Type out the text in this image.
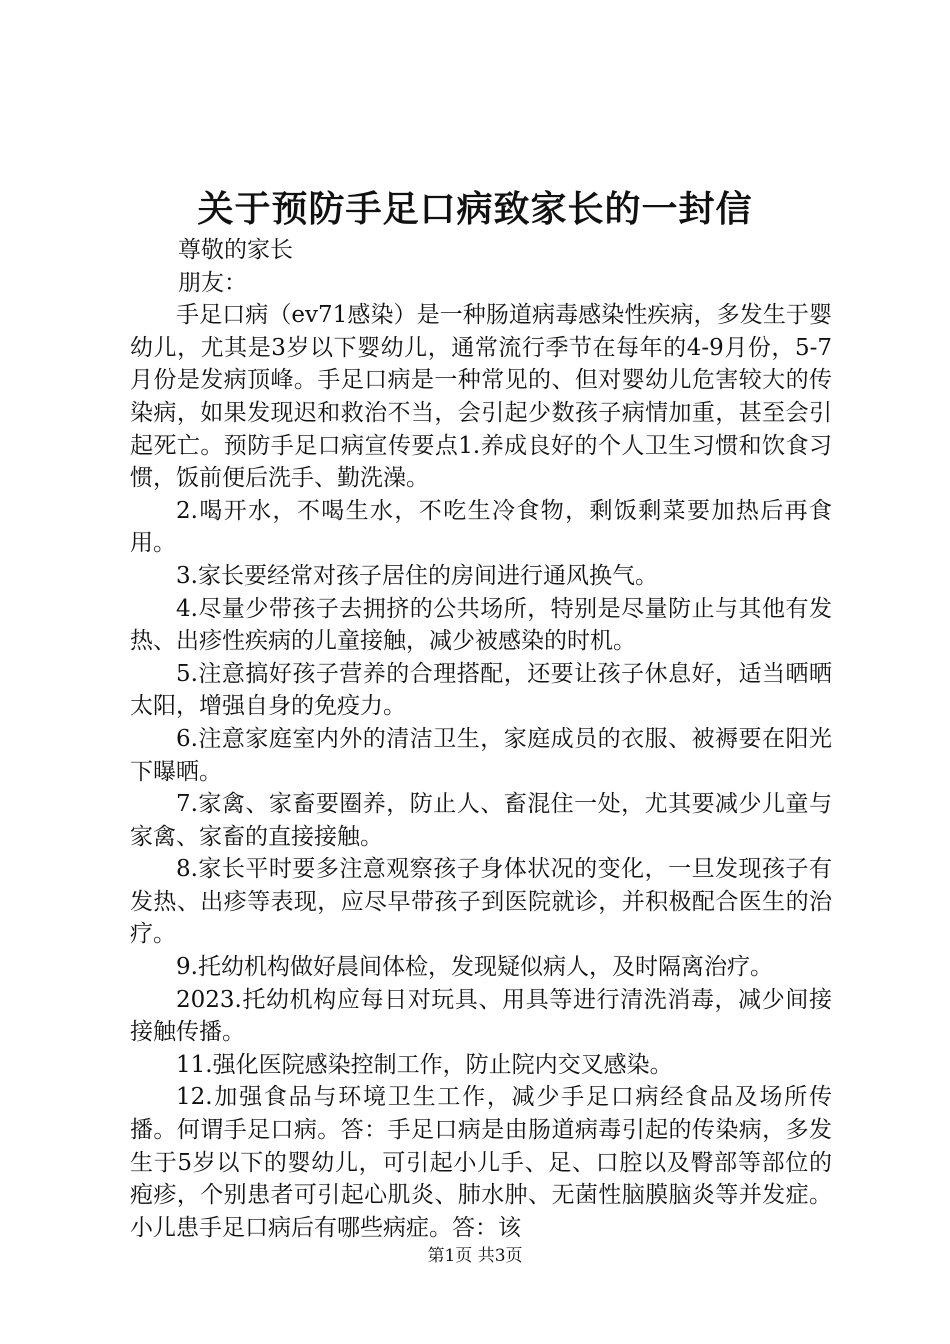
关于预防手足口病致家长的一封信

尊敬的家长

朋友：

手足口病（ev71感染）是一种肠道病毒感染性疾病，多发生于婴幼儿，尤其是3岁以下婴幼儿，通常流行季节在每年的4-9月份，5-7月份是发病顶峰。手足口病是一种常见的、但对婴幼儿危害较大的传染病，如果发现迟和救治不当，会引起少数孩子病情加重，甚至会引起死亡。预防手足口病宣传要点1.养成良好的个人卫生习惯和饮食习惯，饭前便后洗手、勤洗澡。

2.喝开水，不喝生水，不吃生冷食物，剩饭剩菜要加热后再食用。

3.家长要经常对孩子居住的房间进行通风换气。

4.尽量少带孩子去拥挤的公共场所，特别是尽量防止与其他有发热、出疹性疾病的儿童接触，减少被感染的时机。

5.注意搞好孩子营养的合理搭配，还要让孩子休息好，适当晒晒太阳，增强自身的免疫力。

6.注意家庭室内外的清洁卫生，家庭成员的衣服、被褥要在阳光下曝晒。

7.家禽、家畜要圈养，防止人、畜混住一处，尤其要减少儿童与家禽、家畜的直接接触。

8.家长平时要多注意观察孩子身体状况的变化，一旦发现孩子有发热、出疹等表现，应尽早带孩子到医院就诊，并积极配合医生的治疗。

9.托幼机构做好晨间体检，发现疑似病人，及时隔离治疗。

2023.托幼机构应每日对玩具、用具等进行清洗消毒，减少间接接触传播。

11.强化医院感染控制工作，防止院内交叉感染。

12.加强食品与环境卫生工作，减少手足口病经食品及场所传播。何谓手足口病。答：手足口病是由肠道病毒引起的传染病，多发生于5岁以下的婴幼儿，可引起小儿手、足、口腔以及臀部等部位的疱疹，个别患者可引起心肌炎、肺水肿、无菌性脑膜脑炎等并发症。小儿患手足口病后有哪些病症。答：该

第1页 共3页
